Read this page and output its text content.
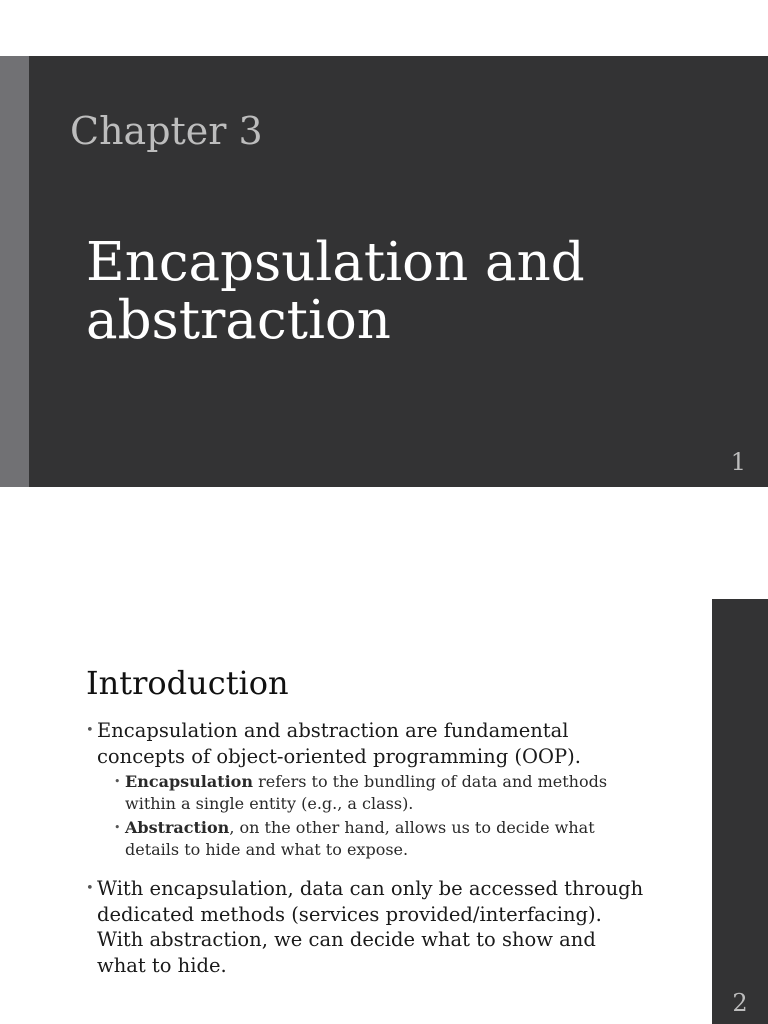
Chapter 3
Encapsulation and
abstraction
1
2
Introduction
• Encapsulation and abstraction are fundamental
concepts of object-oriented programming (OOP).
• Encapsulation refers to the bundling of data and methods
within a single entity (e.g., a class).
• Abstraction, on the other hand, allows us to decide what
details to hide and what to expose.
• With encapsulation, data can only be accessed through
dedicated methods (services provided/interfacing).
With abstraction, we can decide what to show and
what to hide.
